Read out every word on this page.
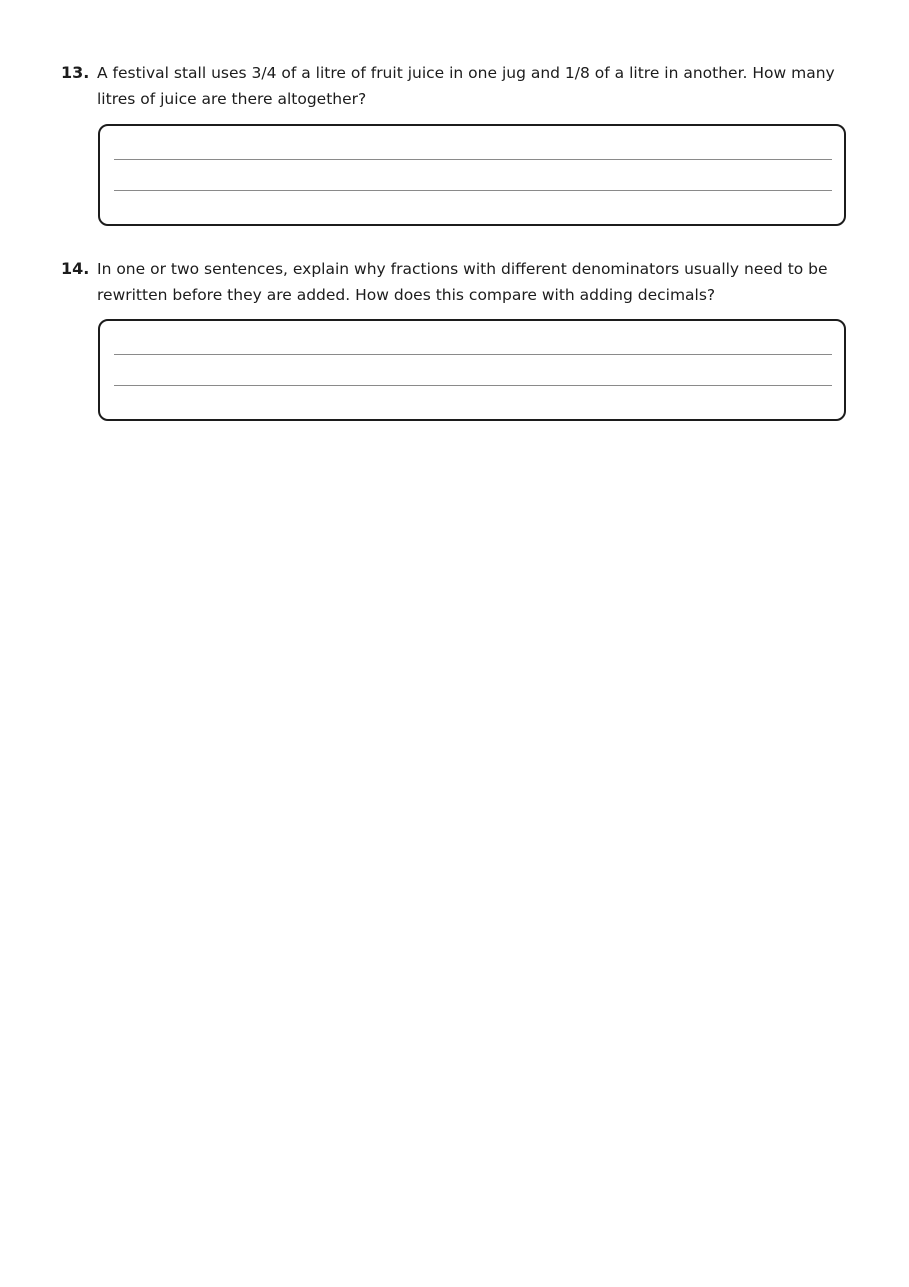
13. A festival stall uses 3/4 of a litre of fruit juice in one jug and 1/8 of a litre in another. How many litres of juice are there altogether?
14. In one or two sentences, explain why fractions with different denominators usually need to be rewritten before they are added. How does this compare with adding decimals?
